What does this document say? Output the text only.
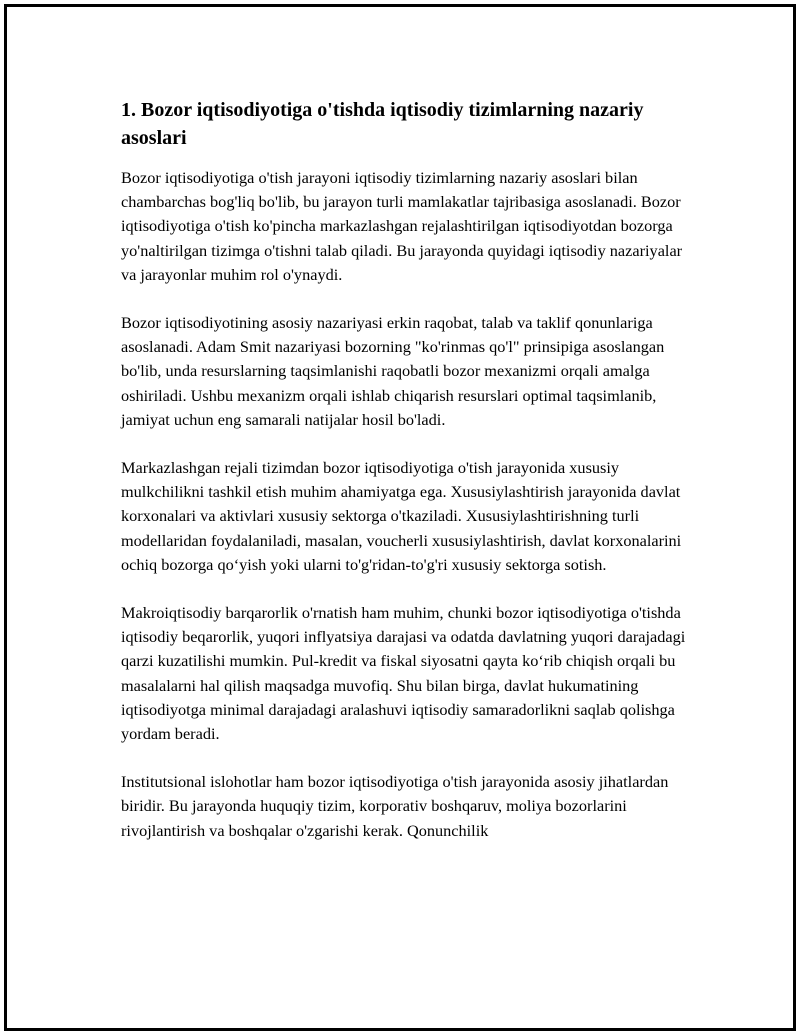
1. Bozor iqtisodiyotiga o'tishda iqtisodiy tizimlarning nazariy asoslari

Bozor iqtisodiyotiga o'tish jarayoni iqtisodiy tizimlarning nazariy asoslari bilan chambarchas bog'liq bo'lib, bu jarayon turli mamlakatlar tajribasiga asoslanadi. Bozor iqtisodiyotiga o'tish ko'pincha markazlashgan rejalashtirilgan iqtisodiyotdan bozorga yo'naltirilgan tizimga o'tishni talab qiladi. Bu jarayonda quyidagi iqtisodiy nazariyalar va jarayonlar muhim rol o'ynaydi.

Bozor iqtisodiyotining asosiy nazariyasi erkin raqobat, talab va taklif qonunlariga asoslanadi. Adam Smit nazariyasi bozorning "ko'rinmas qo'l" prinsipiga asoslangan bo'lib, unda resurslarning taqsimlanishi raqobatli bozor mexanizmi orqali amalga oshiriladi. Ushbu mexanizm orqali ishlab chiqarish resurslari optimal taqsimlanib, jamiyat uchun eng samarali natijalar hosil bo'ladi.

Markazlashgan rejali tizimdan bozor iqtisodiyotiga o'tish jarayonida xususiy mulkchilikni tashkil etish muhim ahamiyatga ega. Xususiylashtirish jarayonida davlat korxonalari va aktivlari xususiy sektorga o'tkaziladi. Xususiylashtirishning turli modellaridan foydalaniladi, masalan, voucherli xususiylashtirish, davlat korxonalarini ochiq bozorga qo‘yish yoki ularni to'g'ridan-to'g'ri xususiy sektorga sotish.

Makroiqtisodiy barqarorlik o'rnatish ham muhim, chunki bozor iqtisodiyotiga o'tishda iqtisodiy beqarorlik, yuqori inflyatsiya darajasi va odatda davlatning yuqori darajadagi qarzi kuzatilishi mumkin. Pul-kredit va fiskal siyosatni qayta ko‘rib chiqish orqali bu masalalarni hal qilish maqsadga muvofiq. Shu bilan birga, davlat hukumatining iqtisodiyotga minimal darajadagi aralashuvi iqtisodiy samaradorlikni saqlab qolishga yordam beradi.

Institutsional islohotlar ham bozor iqtisodiyotiga o'tish jarayonida asosiy jihatlardan biridir. Bu jarayonda huquqiy tizim, korporativ boshqaruv, moliya bozorlarini rivojlantirish va boshqalar o'zgarishi kerak. Qonunchilik
